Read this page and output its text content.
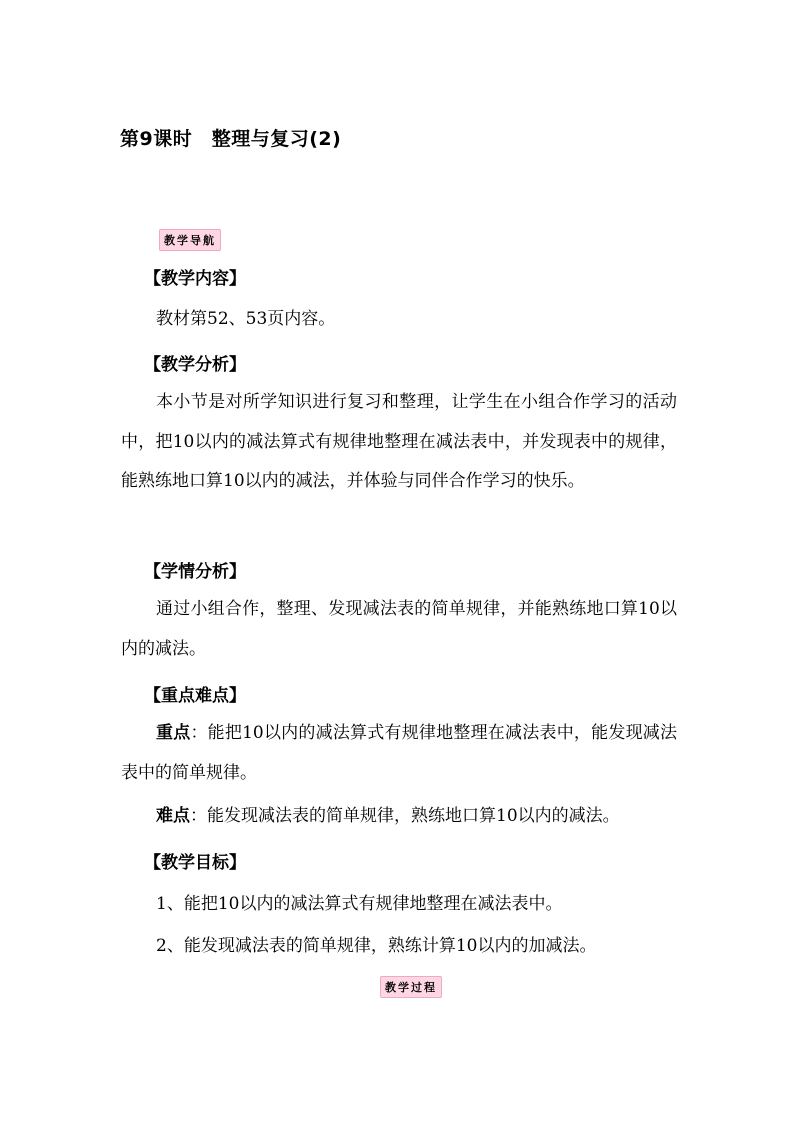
第9课时　整理与复习(2)
教学导航
【教学内容】
教材第52、53页内容。
【教学分析】
本小节是对所学知识进行复习和整理，让学生在小组合作学习的活动中，把10以内的减法算式有规律地整理在减法表中，并发现表中的规律，能熟练地口算10以内的减法，并体验与同伴合作学习的快乐。
【学情分析】
通过小组合作，整理、发现减法表的简单规律，并能熟练地口算10以内的减法。
【重点难点】
重点：能把10以内的减法算式有规律地整理在减法表中，能发现减法表中的简单规律。
难点：能发现减法表的简单规律，熟练地口算10以内的减法。
【教学目标】
1、能把10以内的减法算式有规律地整理在减法表中。
2、能发现减法表的简单规律，熟练计算10以内的加减法。
教学过程
